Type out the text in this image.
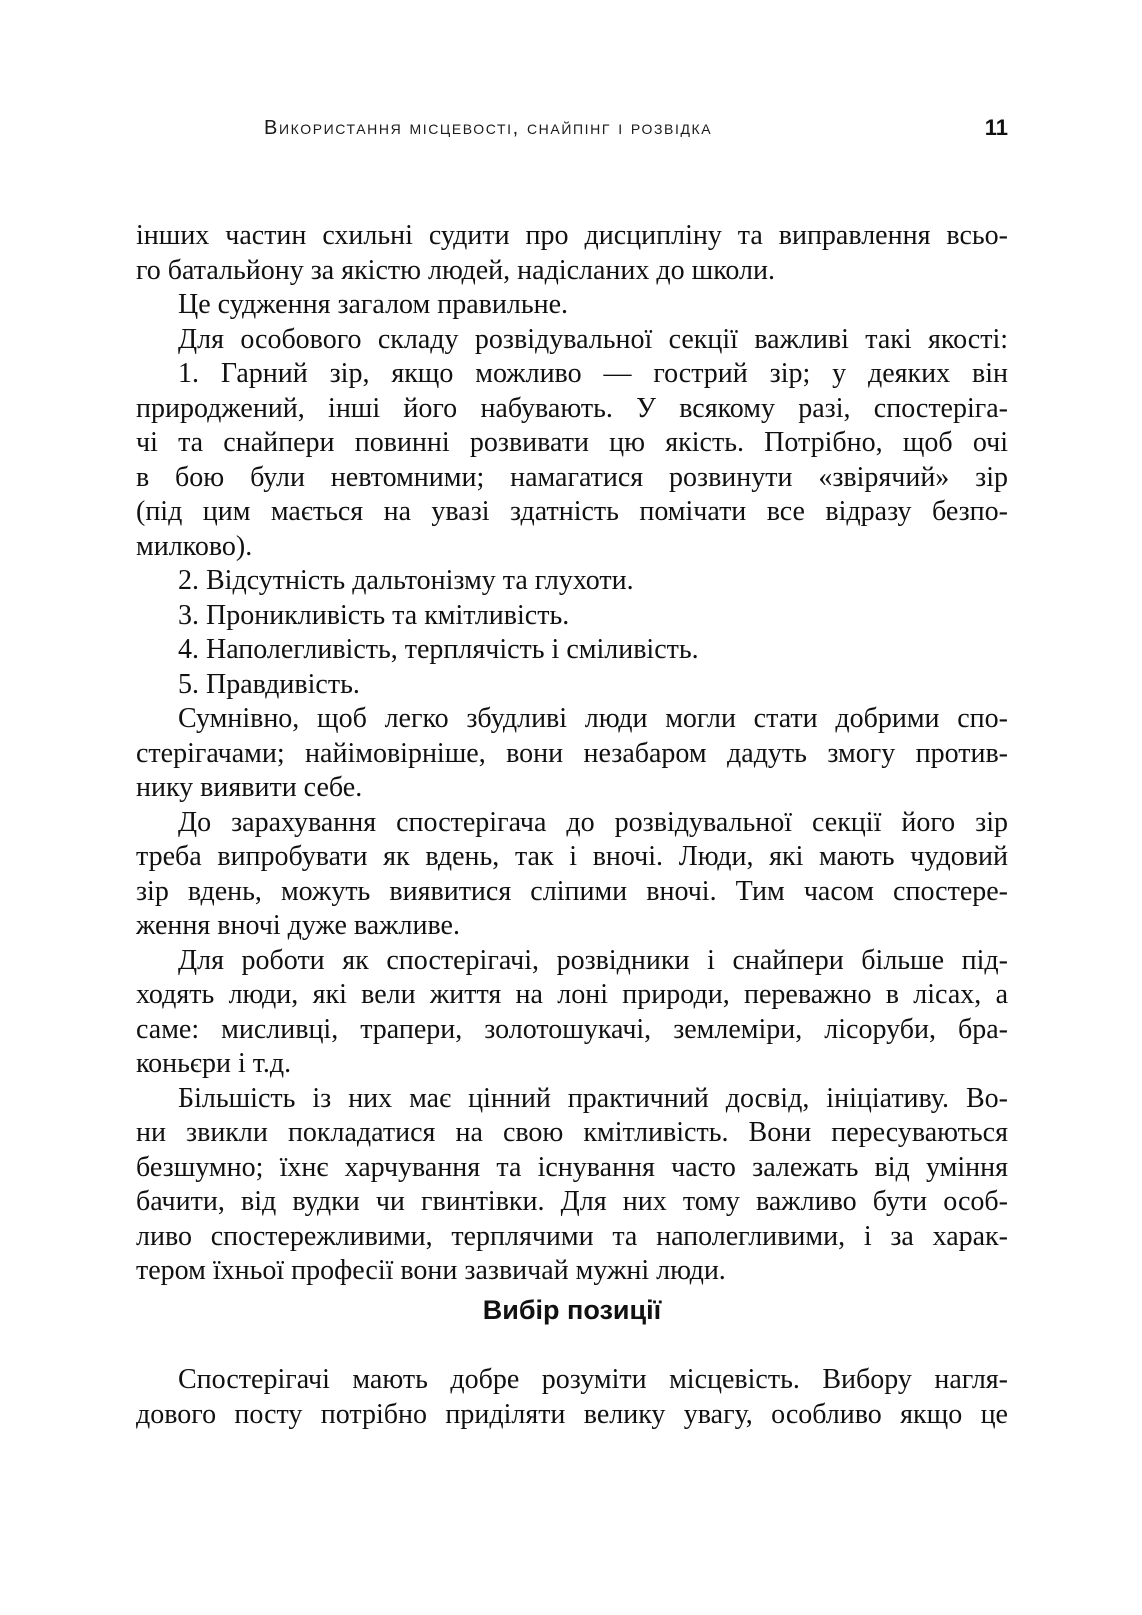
Використання місцевості, снайпінг і розвідка	11
інших частин схильні судити про дисципліну та виправлення всьо-
го батальйону за якістю людей, надісланих до школи.
Це судження загалом правильне.
Для особового складу розвідувальної секції важливі такі якості:
1. Гарний зір, якщо можливо — гострий зір; у деяких він
природжений, інші його набувають. У всякому разі, спостеріга-
чі та снайпери повинні розвивати цю якість. Потрібно, щоб очі
в бою були невтомними; намагатися розвинути «звірячий» зір
(під цим мається на увазі здатність помічати все відразу безпо-
милково).
2. Відсутність дальтонізму та глухоти.
3. Проникливість та кмітливість.
4. Наполегливість, терплячість і сміливість.
5. Правдивість.
Сумнівно, щоб легко збудливі люди могли стати добрими спо-
стерігачами; найімовірніше, вони незабаром дадуть змогу против-
нику виявити себе.
До зарахування спостерігача до розвідувальної секції його зір
треба випробувати як вдень, так і вночі. Люди, які мають чудовий
зір вдень, можуть виявитися сліпими вночі. Тим часом спостере-
ження вночі дуже важливе.
Для роботи як спостерігачі, розвідники і снайпери більше під-
ходять люди, які вели життя на лоні природи, переважно в лісах, а
саме: мисливці, трапери, золотошукачі, землеміри, лісоруби, бра-
коньєри і т.д.
Більшість із них має цінний практичний досвід, ініціативу. Во-
ни звикли покладатися на свою кмітливість. Вони пересуваються
безшумно; їхнє харчування та існування часто залежать від уміння
бачити, від вудки чи гвинтівки. Для них тому важливо бути особ-
ливо спостережливими, терплячими та наполегливими, і за харак-
тером їхньої професії вони зазвичай мужні люди.
Вибір позиції
Спостерігачі мають добре розуміти місцевість. Вибору нагля-
дового посту потрібно приділяти велику увагу, особливо якщо це
